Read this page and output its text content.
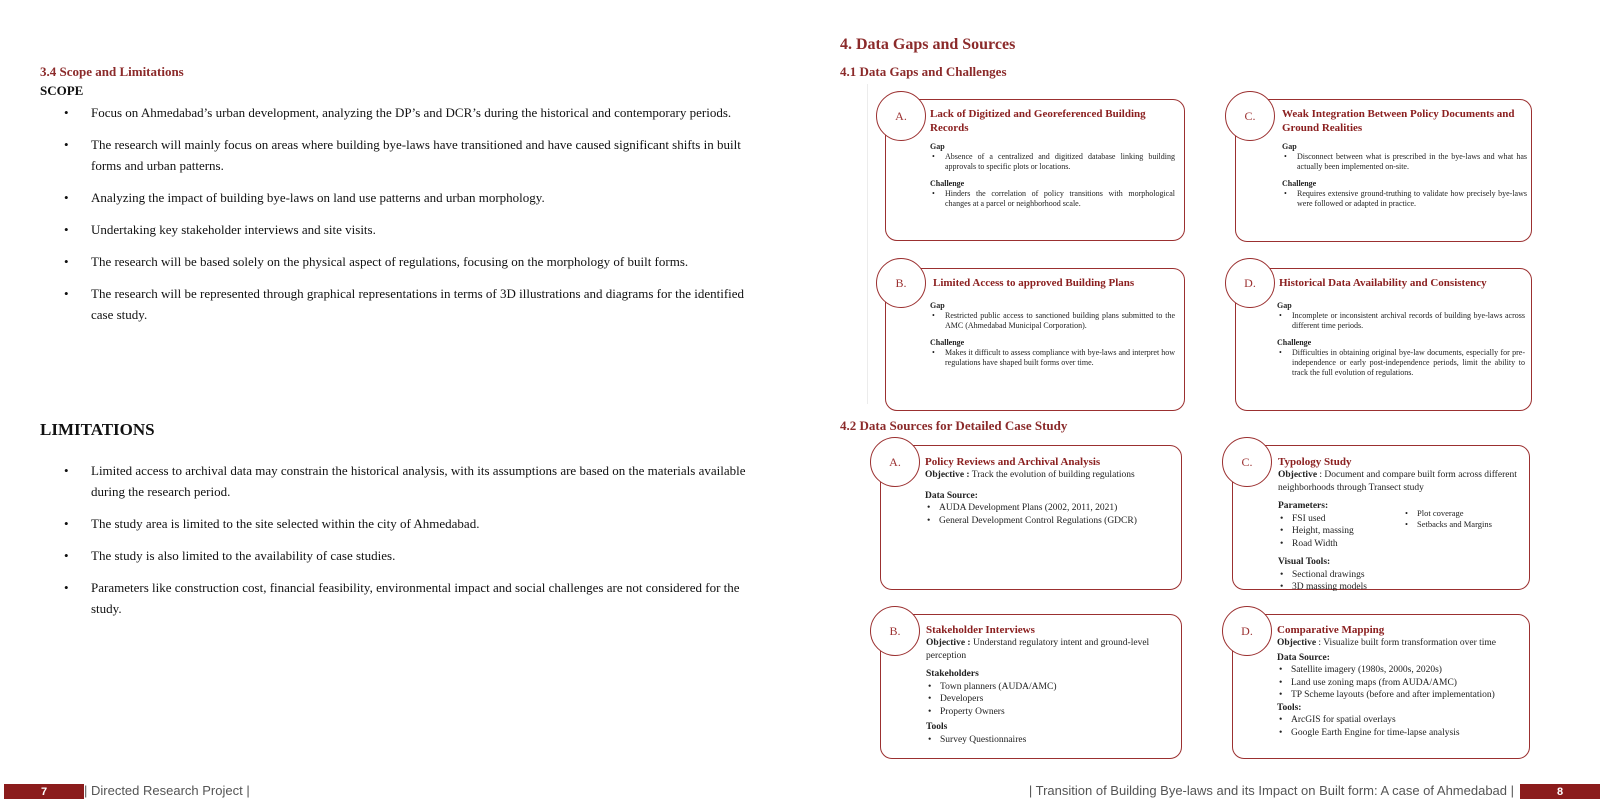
3.4 Scope and Limitations
SCOPE
• Focus on Ahmedabad’s urban development, analyzing the DP’s and DCR’s during the historical and contemporary periods.
• The research will mainly focus on areas where building bye-laws have transitioned and have caused significant shifts in built forms and urban patterns.
• Analyzing the impact of building bye-laws on land use patterns and urban morphology.
• Undertaking key stakeholder interviews and site visits.
• The research will be based solely on the physical aspect of regulations, focusing on the morphology of built forms.
• The research will be represented through graphical representations in terms of 3D illustrations and diagrams for the identified case study.
LIMITATIONS
• Limited access to archival data may constrain the historical analysis, with its assumptions are based on the materials available during the research period.
• The study area is limited to the site selected within the city of Ahmedabad.
• The study is also limited to the availability of case studies.
• Parameters like construction cost, financial feasibility, environmental impact and social challenges are not considered for the study.
4. Data Gaps and Sources
4.1 Data Gaps and Challenges
A.	Lack of Digitized and Georeferenced Building Records
Gap
• Absence of a centralized and digitized database linking building approvals to specific plots or locations.
Challenge
• Hinders the correlation of policy transitions with morphological changes at a parcel or neighborhood scale.
C.	Weak Integration Between Policy Documents and Ground Realities
Gap
• Disconnect between what is prescribed in the bye-laws and what has actually been implemented on-site.
Challenge
• Requires extensive ground-truthing to validate how precisely bye-laws were followed or adapted in practice.
B.	Limited Access to approved Building Plans
Gap
• Restricted public access to sanctioned building plans submitted to the AMC (Ahmedabad Municipal Corporation).
Challenge
• Makes it difficult to assess compliance with bye-laws and interpret how regulations have shaped built forms over time.
D.	Historical Data Availability and Consistency
Gap
• Incomplete or inconsistent archival records of building bye-laws across different time periods.
Challenge
• Difficulties in obtaining original bye-law documents, especially for pre-independence or early post-independence periods, limit the ability to track the full evolution of regulations.
4.2 Data Sources for Detailed Case Study
A.	Policy Reviews and Archival Analysis
Objective : Track the evolution of building regulations
Data Source:
• AUDA Development Plans (2002, 2011, 2021)
• General Development Control Regulations (GDCR)
C.	Typology Study
Objective : Document and compare built form across different neighborhoods through Transect study
Parameters:
• FSI used
• Height, massing
• Road Width
• Plot coverage
• Setbacks and Margins
Visual Tools:
• Sectional drawings
• 3D massing models
B.	Stakeholder Interviews
Objective : Understand regulatory intent and ground-level perception
Stakeholders
• Town planners (AUDA/AMC)
• Developers
• Property Owners
Tools
• Survey Questionnaires
D.	Comparative Mapping
Objective : Visualize built form transformation over time
Data Source:
• Satellite imagery (1980s, 2000s, 2020s)
• Land use zoning maps (from AUDA/AMC)
• TP Scheme layouts (before and after implementation)
Tools:
• ArcGIS for spatial overlays
• Google Earth Engine for time-lapse analysis
7	| Directed Research Project |	| Transition of Building Bye-laws and its Impact on Built form: A case of Ahmedabad |	8
